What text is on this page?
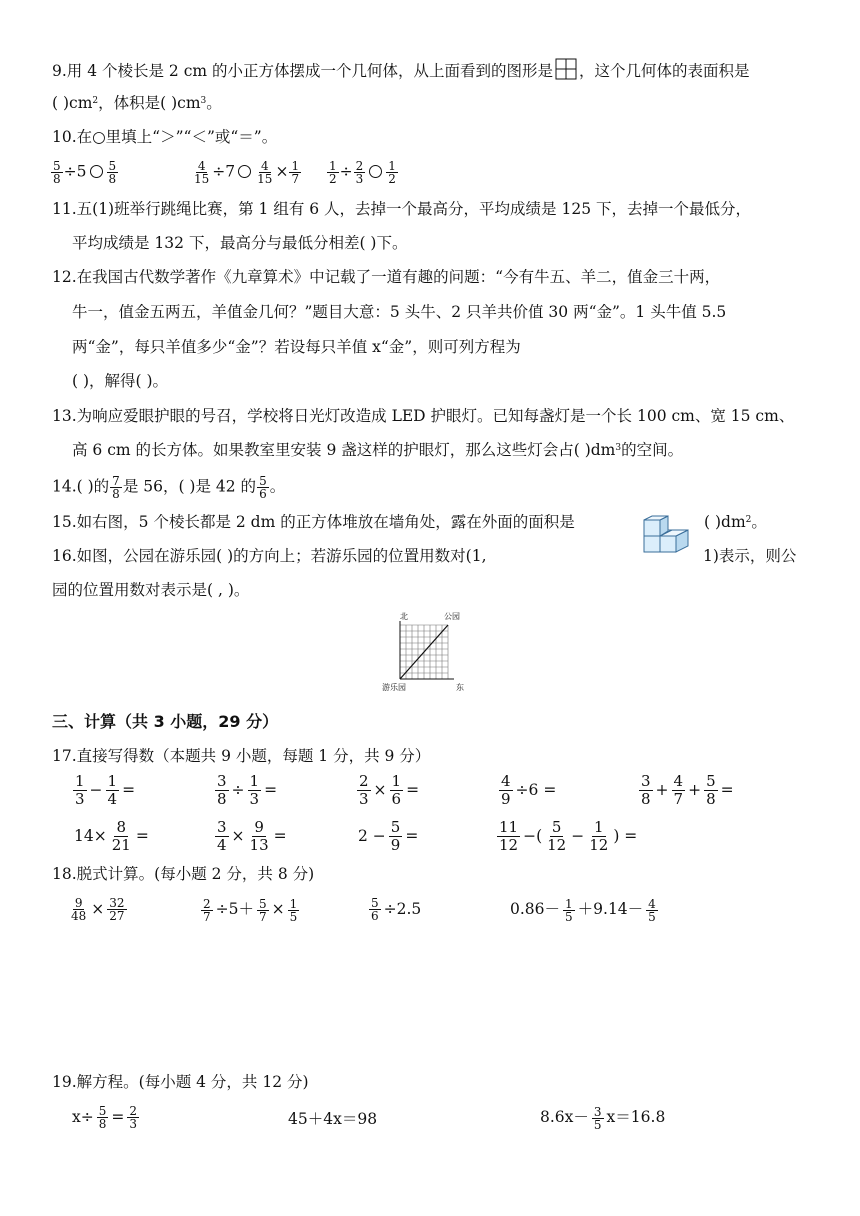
9.用 4 个棱长是 2 cm 的小正方体摆成一个几何体，从上面看到的图形是 ，这个几何体的表面积是
( )$cm^2$，体积是( )$cm^3$。
10.在○里填上“＞”“＜”或“＝”。
$\frac{5}{8} \div 5 \frac{5}{8}$
	$\frac{4}{15} \div 7 \frac{4}{15} \times \frac{1}{7}$
$\frac{1}{2} \div \frac{2}{3} \frac{1}{2}$
11.五(1)班举行跳绳比赛，第 1 组有 6 人，去掉一个最高分，平均成绩是 125 下，去掉一个最低分，
平均成绩是 132 下，最高分与最低分相差( )下。
12.在我国古代数学著作《九章算术》中记载了一道有趣的问题：“今有牛五、羊二，值金三十两，
牛一，值金五两五，羊值金几何？”题目大意：5 头牛、2 只羊共价值 30 两“金”。1 头牛值 5.5
两“金”，每只羊值多少“金”？若设每只羊值 x“金”，则可列方程为
( )，解得( )。
13.为响应爱眼护眼的号召，学校将日光灯改造成 LED 护眼灯。已知每盏灯是一个长 100 cm、宽 15 cm、
高 6 cm 的长方体。如果教室里安装 9 盏这样的护眼灯，那么这些灯会占( )$dm^3$的空间。
14.( )的 $\frac{7}{8}$ 是 56，( )是 42 的 $\frac{5}{6}$ 。
15.如右图，5 个棱长都是 2 dm 的正方体堆放在墙角处，露在外面的面积是	( )$dm^2$。
16.如图，公园在游乐园( )的方向上；若游乐园的位置用数对(1,	1)表示，则公
园的位置用数对表示是( , )。
北	公园
游乐园	东
三、计算（共 3 小题，29 分）
17.直接写得数（本题共 9 小题，每题 1 分，共 9 分）
$\frac{1}{3} - \frac{1}{4}$ =	$\frac{3}{8} \div \frac{1}{3}$ =	$\frac{2}{3} \times \frac{1}{6}$ =	$\frac{4}{9} \div 6$ =	$\frac{3}{8} + \frac{4}{7} + \frac{5}{8}$ =
$14\times \frac{8}{21}$ =	$\frac{3}{4} \times \frac{9}{13}$ =	$2 - \frac{5}{9}$ =	$\frac{11}{12}$ −( $\frac{5}{12} - \frac{1}{12}$ ) =
18.脱式计算。(每小题 2 分，共 8 分)
$\frac{9}{48} \times \frac{32}{27}$	$\frac{2}{7} \div 5+ \frac{5}{7} \times \frac{1}{5}$	$\frac{5}{6} \div 2.5$	$0.86- \frac{1}{5} +9.14- \frac{4}{5}$
19.解方程。(每小题 4 分，共 12 分)
$x\div \frac{5}{8} = \frac{2}{3}$	45＋4x＝98	$8.6x- \frac{3}{5} x=16.8$
